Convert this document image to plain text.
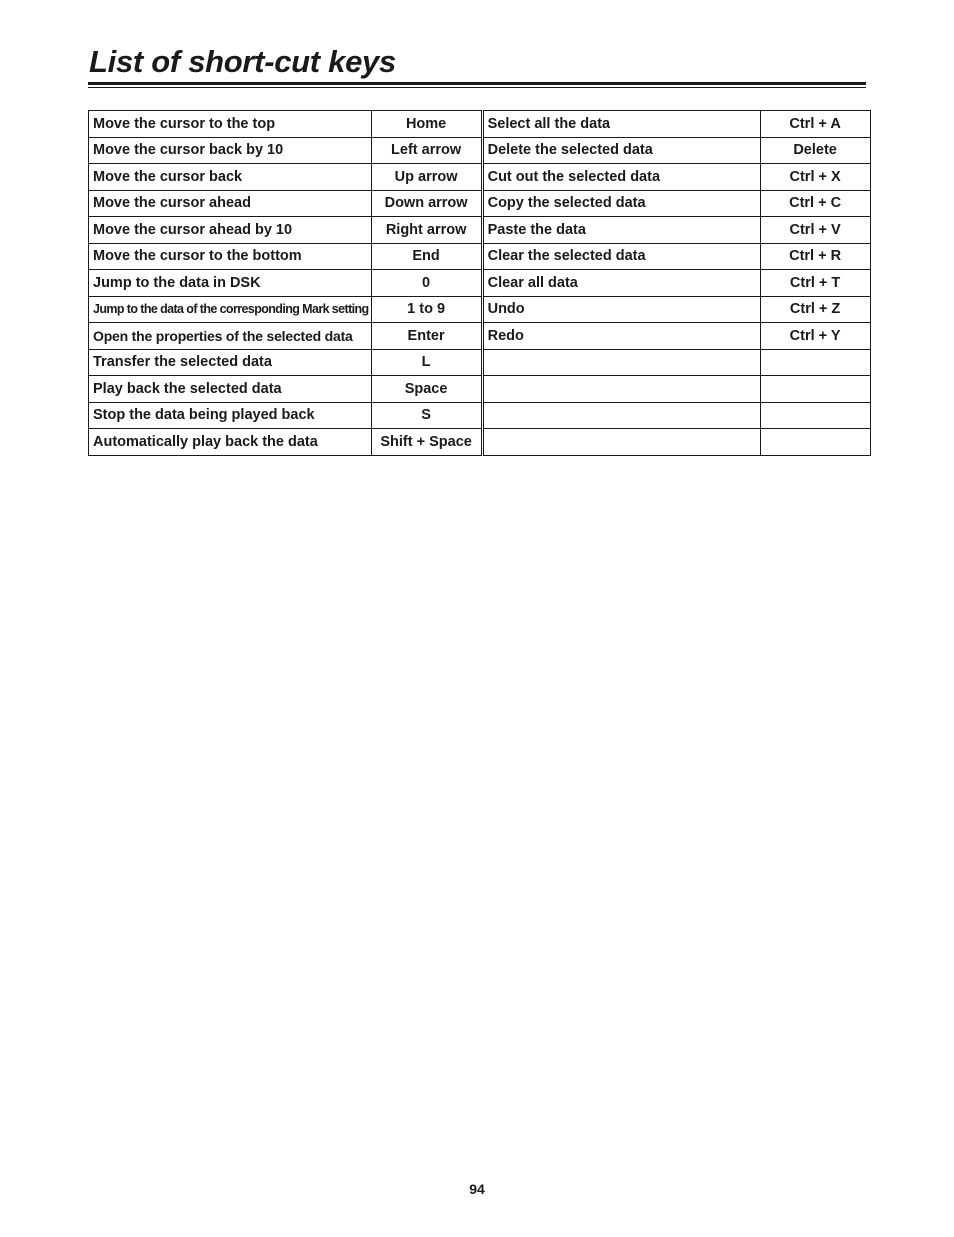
List of short-cut keys
Move the cursor to the top	Home	Select all the data	Ctrl + A
Move the cursor back by 10	Left arrow	Delete the selected data	Delete
Move the cursor back	Up arrow	Cut out the selected data	Ctrl + X
Move the cursor ahead	Down arrow	Copy the selected data	Ctrl + C
Move the cursor ahead by 10	Right arrow	Paste the data	Ctrl + V
Move the cursor to the bottom	End	Clear the selected data	Ctrl + R
Jump to the data in DSK	0	Clear all data	Ctrl + T
Jump to the data of the corresponding Mark setting	1 to 9	Undo	Ctrl + Z
Open the properties of the selected data	Enter	Redo	Ctrl + Y
Transfer the selected data	L		
Play back the selected data	Space		
Stop the data being played back	S		
Automatically play back the data	Shift + Space		
94
